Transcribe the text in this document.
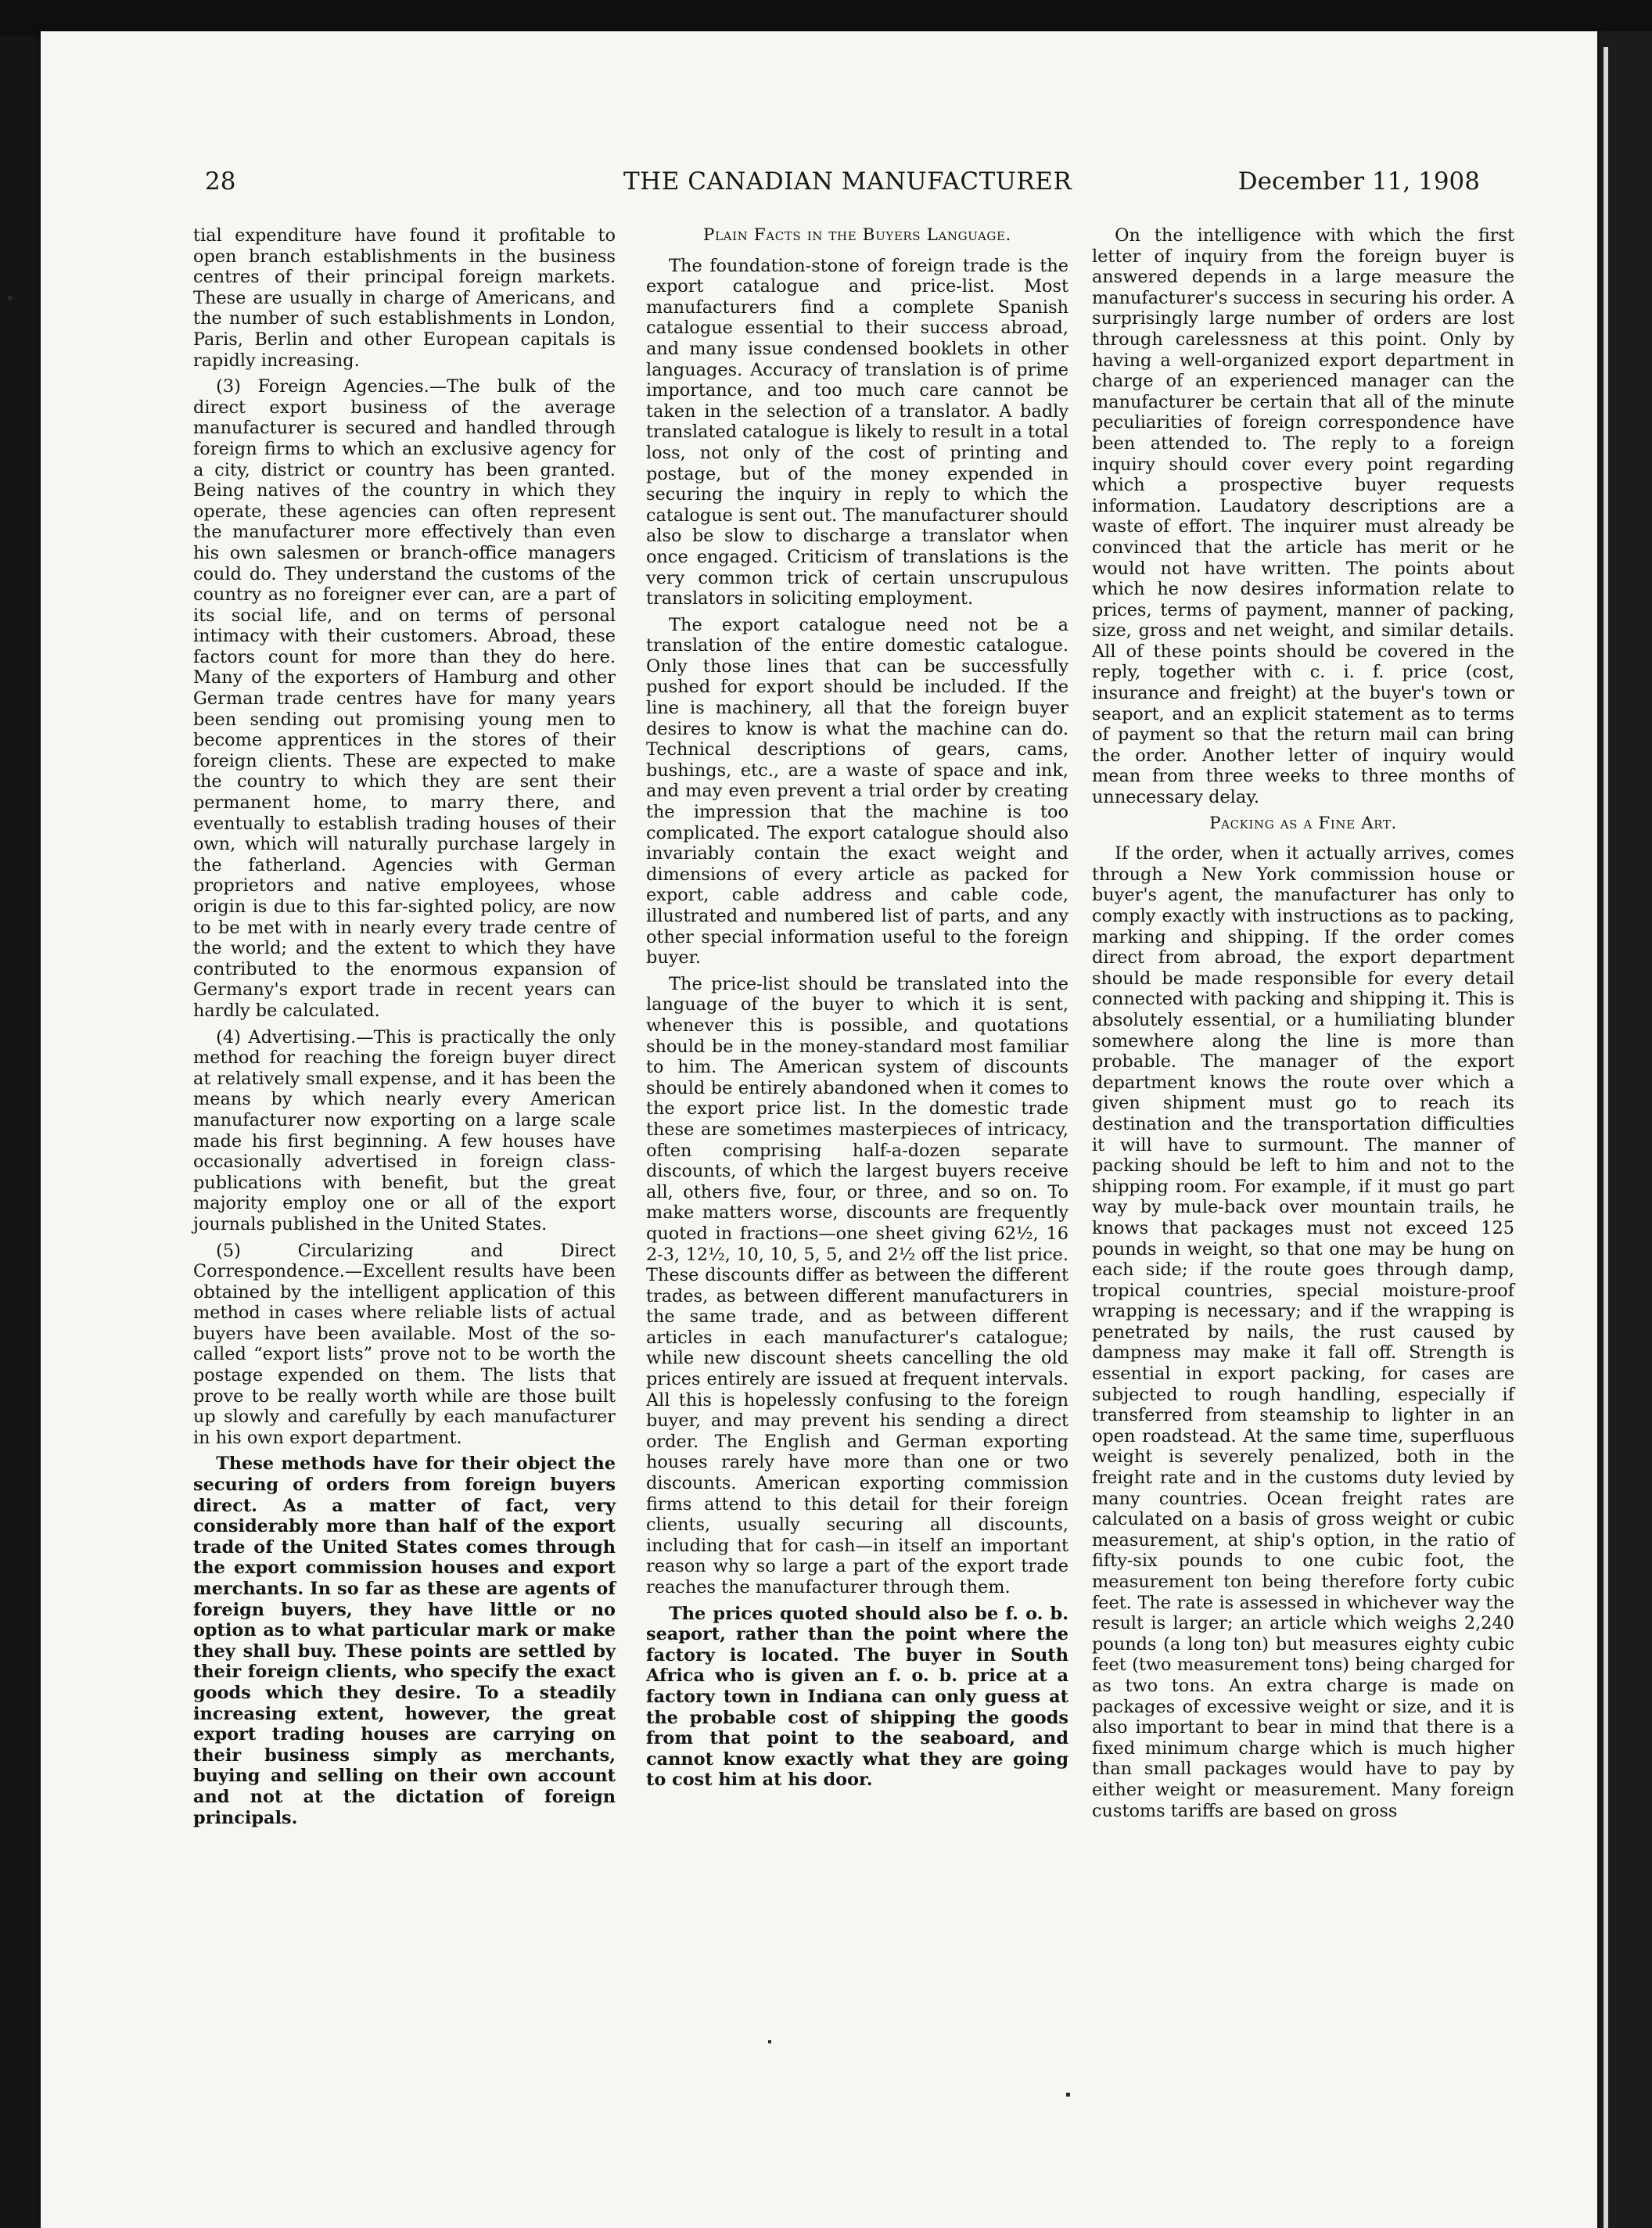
28	THE CANADIAN MANUFACTURER	December 11, 1908

tial expenditure have found it profitable to open branch establishments in the business centres of their principal foreign markets. These are usually in charge of Americans, and the number of such establishments in London, Paris, Berlin and other European capitals is rapidly increasing.

(3) Foreign Agencies.—The bulk of the direct export business of the average manufacturer is secured and handled through foreign firms to which an exclusive agency for a city, district or country has been granted. Being natives of the country in which they operate, these agencies can often represent the manufacturer more effectively than even his own salesmen or branch-office managers could do. They understand the customs of the country as no foreigner ever can, are a part of its social life, and on terms of personal intimacy with their customers. Abroad, these factors count for more than they do here. Many of the exporters of Hamburg and other German trade centres have for many years been sending out promising young men to become apprentices in the stores of their foreign clients. These are expected to make the country to which they are sent their permanent home, to marry there, and eventually to establish trading houses of their own, which will naturally purchase largely in the fatherland. Agencies with German proprietors and native employees, whose origin is due to this far-sighted policy, are now to be met with in nearly every trade centre of the world; and the extent to which they have contributed to the enormous expansion of Germany's export trade in recent years can hardly be calculated.

(4) Advertising.—This is practically the only method for reaching the foreign buyer direct at relatively small expense, and it has been the means by which nearly every American manufacturer now exporting on a large scale made his first beginning. A few houses have occasionally advertised in foreign class-publications with benefit, but the great majority employ one or all of the export journals published in the United States.

(5) Circularizing and Direct Correspondence.—Excellent results have been obtained by the intelligent application of this method in cases where reliable lists of actual buyers have been available. Most of the so-called “export lists” prove not to be worth the postage expended on them. The lists that prove to be really worth while are those built up slowly and carefully by each manufacturer in his own export department.

These methods have for their object the securing of orders from foreign buyers direct. As a matter of fact, very considerably more than half of the export trade of the United States comes through the export commission houses and export merchants. In so far as these are agents of foreign buyers, they have little or no option as to what particular mark or make they shall buy. These points are settled by their foreign clients, who specify the exact goods which they desire. To a steadily increasing extent, however, the great export trading houses are carrying on their business simply as merchants, buying and selling on their own account and not at the dictation of foreign principals.

Plain Facts in the Buyers Language.

The foundation-stone of foreign trade is the export catalogue and price-list. Most manufacturers find a complete Spanish catalogue essential to their success abroad, and many issue condensed booklets in other languages. Accuracy of translation is of prime importance, and too much care cannot be taken in the selection of a translator. A badly translated catalogue is likely to result in a total loss, not only of the cost of printing and postage, but of the money expended in securing the inquiry in reply to which the catalogue is sent out. The manufacturer should also be slow to discharge a translator when once engaged. Criticism of translations is the very common trick of certain unscrupulous translators in soliciting employment.

The export catalogue need not be a translation of the entire domestic catalogue. Only those lines that can be successfully pushed for export should be included. If the line is machinery, all that the foreign buyer desires to know is what the machine can do. Technical descriptions of gears, cams, bushings, etc., are a waste of space and ink, and may even prevent a trial order by creating the impression that the machine is too complicated. The export catalogue should also invariably contain the exact weight and dimensions of every article as packed for export, cable address and cable code, illustrated and numbered list of parts, and any other special information useful to the foreign buyer.

The price-list should be translated into the language of the buyer to which it is sent, whenever this is possible, and quotations should be in the money-standard most familiar to him. The American system of discounts should be entirely abandoned when it comes to the export price list. In the domestic trade these are sometimes masterpieces of intricacy, often comprising half-a-dozen separate discounts, of which the largest buyers receive all, others five, four, or three, and so on. To make matters worse, discounts are frequently quoted in fractions—one sheet giving 62½, 16 2-3, 12½, 10, 10, 5, 5, and 2½ off the list price. These discounts differ as between the different trades, as between different manufacturers in the same trade, and as between different articles in each manufacturer's catalogue; while new discount sheets cancelling the old prices entirely are issued at frequent intervals. All this is hopelessly confusing to the foreign buyer, and may prevent his sending a direct order. The English and German exporting houses rarely have more than one or two discounts. American exporting commission firms attend to this detail for their foreign clients, usually securing all discounts, including that for cash—in itself an important reason why so large a part of the export trade reaches the manufacturer through them.

The prices quoted should also be f. o. b. seaport, rather than the point where the factory is located. The buyer in South Africa who is given an f. o. b. price at a factory town in Indiana can only guess at the probable cost of shipping the goods from that point to the seaboard, and cannot know exactly what they are going to cost him at his door.

On the intelligence with which the first letter of inquiry from the foreign buyer is answered depends in a large measure the manufacturer's success in securing his order. A surprisingly large number of orders are lost through carelessness at this point. Only by having a well-organized export department in charge of an experienced manager can the manufacturer be certain that all of the minute peculiarities of foreign correspondence have been attended to. The reply to a foreign inquiry should cover every point regarding which a prospective buyer requests information. Laudatory descriptions are a waste of effort. The inquirer must already be convinced that the article has merit or he would not have written. The points about which he now desires information relate to prices, terms of payment, manner of packing, size, gross and net weight, and similar details. All of these points should be covered in the reply, together with c. i. f. price (cost, insurance and freight) at the buyer's town or seaport, and an explicit statement as to terms of payment so that the return mail can bring the order. Another letter of inquiry would mean from three weeks to three months of unnecessary delay.

Packing as a Fine Art.

If the order, when it actually arrives, comes through a New York commission house or buyer's agent, the manufacturer has only to comply exactly with instructions as to packing, marking and shipping. If the order comes direct from abroad, the export department should be made responsible for every detail connected with packing and shipping it. This is absolutely essential, or a humiliating blunder somewhere along the line is more than probable. The manager of the export department knows the route over which a given shipment must go to reach its destination and the transportation difficulties it will have to surmount. The manner of packing should be left to him and not to the shipping room. For example, if it must go part way by mule-back over mountain trails, he knows that packages must not exceed 125 pounds in weight, so that one may be hung on each side; if the route goes through damp, tropical countries, special moisture-proof wrapping is necessary; and if the wrapping is penetrated by nails, the rust caused by dampness may make it fall off. Strength is essential in export packing, for cases are subjected to rough handling, especially if transferred from steamship to lighter in an open roadstead. At the same time, superfluous weight is severely penalized, both in the freight rate and in the customs duty levied by many countries. Ocean freight rates are calculated on a basis of gross weight or cubic measurement, at ship's option, in the ratio of fifty-six pounds to one cubic foot, the measurement ton being therefore forty cubic feet. The rate is assessed in whichever way the result is larger; an article which weighs 2,240 pounds (a long ton) but measures eighty cubic feet (two measurement tons) being charged for as two tons. An extra charge is made on packages of excessive weight or size, and it is also important to bear in mind that there is a fixed minimum charge which is much higher than small packages would have to pay by either weight or measurement. Many foreign customs tariffs are based on gross
